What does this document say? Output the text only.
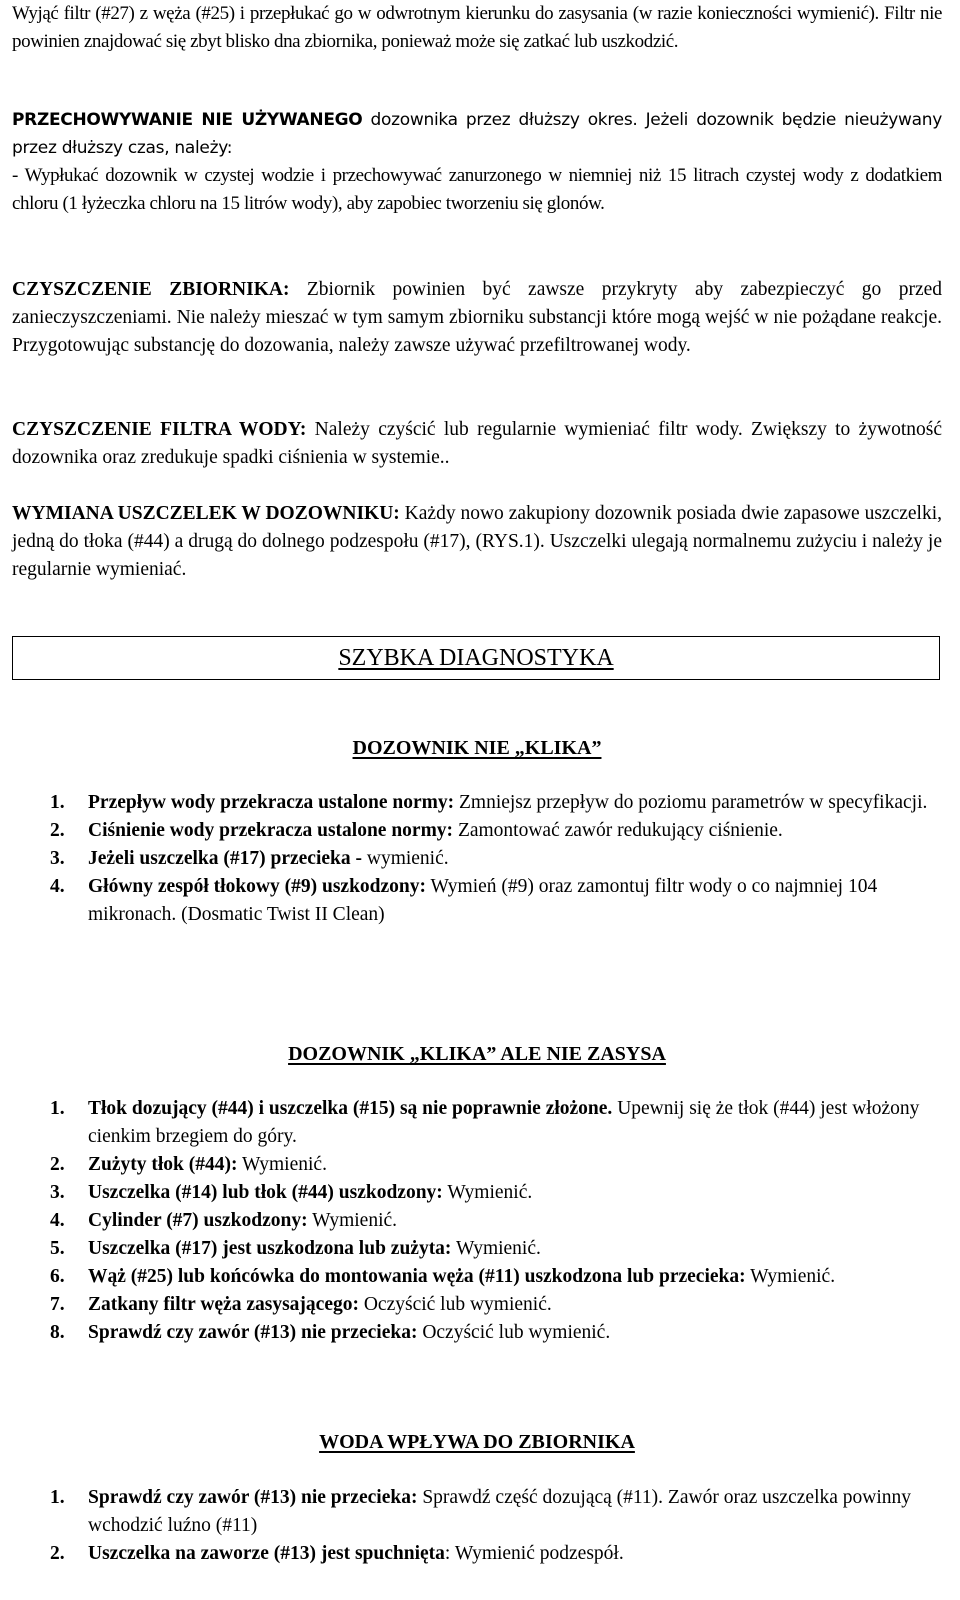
Wyjąć filtr (#27) z węża (#25) i przepłukać go w odwrotnym kierunku do zasysania (w razie konieczności wymienić). Filtr nie powinien znajdować się zbyt blisko dna zbiornika, ponieważ może się zatkać lub uszkodzić.

PRZECHOWYWANIE NIE UŻYWANEGO dozownika przez dłuższy okres. Jeżeli dozownik będzie nieużywany przez dłuższy czas, należy:

- Wypłukać dozownik w czystej wodzie i przechowywać zanurzonego w niemniej niż 15 litrach czystej wody z dodatkiem chloru (1 łyżeczka chloru na 15 litrów wody), aby zapobiec tworzeniu się glonów.

CZYSZCZENIE ZBIORNIKA: Zbiornik powinien być zawsze przykryty aby zabezpieczyć go przed zanieczyszczeniami. Nie należy mieszać w tym samym zbiorniku substancji które mogą wejść w nie pożądane reakcje. Przygotowując substancję do dozowania, należy zawsze używać przefiltrowanej wody.

CZYSZCZENIE FILTRA WODY: Należy czyścić lub regularnie wymieniać filtr wody. Zwiększy to żywotność dozownika oraz zredukuje spadki ciśnienia w systemie..

WYMIANA USZCZELEK W DOZOWNIKU: Każdy nowo zakupiony dozownik posiada dwie zapasowe uszczelki, jedną do tłoka (#44) a drugą do dolnego podzespołu (#17), (RYS.1). Uszczelki ulegają normalnemu zużyciu i należy je regularnie wymieniać.

SZYBKA DIAGNOSTYKA
DOZOWNIK NIE „KLIKA”
1. Przepływ wody przekracza ustalone normy: Zmniejsz przepływ do poziomu parametrów w specyfikacji.
2. Ciśnienie wody przekracza ustalone normy: Zamontować zawór redukujący ciśnienie.
3. Jeżeli uszczelka (#17) przecieka - wymienić.
4. Główny zespół tłokowy (#9) uszkodzony: Wymień (#9) oraz zamontuj filtr wody o co najmniej 104 mikronach. (Dosmatic Twist II Clean)
DOZOWNIK „KLIKA” ALE NIE ZASYSA
1. Tłok dozujący (#44) i uszczelka (#15) są nie poprawnie złożone. Upewnij się że tłok (#44) jest włożony cienkim brzegiem do góry.
2. Zużyty tłok (#44): Wymienić.
3. Uszczelka (#14) lub tłok (#44) uszkodzony: Wymienić.
4. Cylinder (#7) uszkodzony: Wymienić.
5. Uszczelka (#17) jest uszkodzona lub zużyta: Wymienić.
6. Wąż (#25) lub końcówka do montowania węża (#11) uszkodzona lub przecieka: Wymienić.
7. Zatkany filtr węża zasysającego: Oczyścić lub wymienić.
8. Sprawdź czy zawór (#13) nie przecieka: Oczyścić lub wymienić.
WODA WPŁYWA DO ZBIORNIKA
1. Sprawdź czy zawór (#13) nie przecieka: Sprawdź część dozującą (#11). Zawór oraz uszczelka powinny wchodzić luźno (#11)
2. Uszczelka na zaworze (#13) jest spuchnięta: Wymienić podzespół.
